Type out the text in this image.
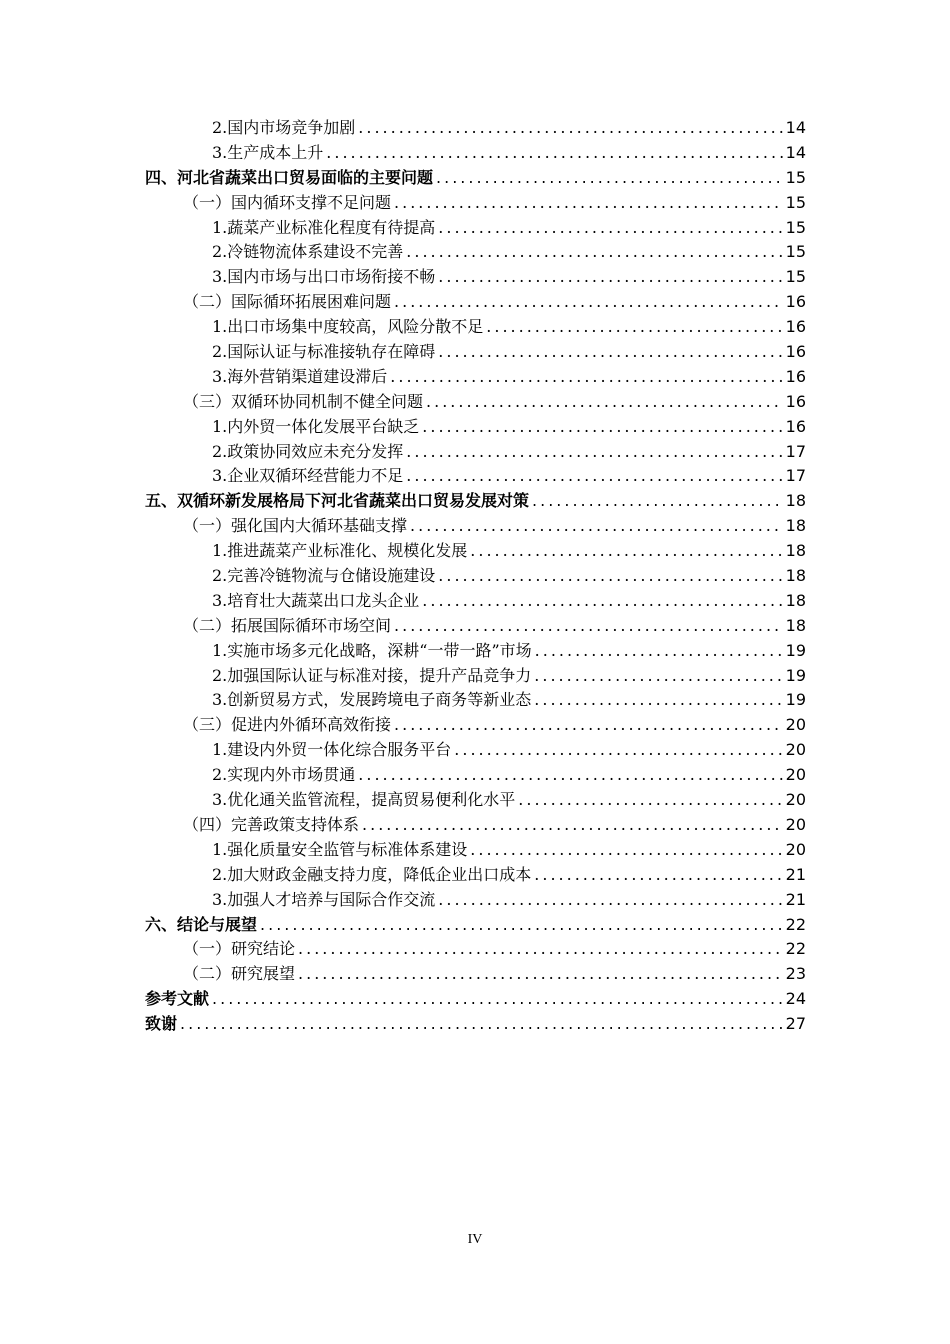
2.国内市场竞争加剧 .....	14
3.生产成本上升 .....	14
四、河北省蔬菜出口贸易面临的主要问题 .....	15
（一）国内循环支撑不足问题 .....	15
1.蔬菜产业标准化程度有待提高 .....	15
2.冷链物流体系建设不完善 .....	15
3.国内市场与出口市场衔接不畅 .....	15
（二）国际循环拓展困难问题 .....	16
1.出口市场集中度较高，风险分散不足 .....	16
2.国际认证与标准接轨存在障碍 .....	16
3.海外营销渠道建设滞后 .....	16
（三）双循环协同机制不健全问题 .....	16
1.内外贸一体化发展平台缺乏 .....	16
2.政策协同效应未充分发挥 .....	17
3.企业双循环经营能力不足 .....	17
五、双循环新发展格局下河北省蔬菜出口贸易发展对策 .....	18
（一）强化国内大循环基础支撑 .....	18
1.推进蔬菜产业标准化、规模化发展 .....	18
2.完善冷链物流与仓储设施建设 .....	18
3.培育壮大蔬菜出口龙头企业 .....	18
（二）拓展国际循环市场空间 .....	18
1.实施市场多元化战略，深耕“一带一路”市场 .....	19
2.加强国际认证与标准对接，提升产品竞争力 .....	19
3.创新贸易方式，发展跨境电子商务等新业态 .....	19
（三）促进内外循环高效衔接 .....	20
1.建设内外贸一体化综合服务平台 .....	20
2.实现内外市场贯通 .....	20
3.优化通关监管流程，提高贸易便利化水平 .....	20
（四）完善政策支持体系 .....	20
1.强化质量安全监管与标准体系建设 .....	20
2.加大财政金融支持力度，降低企业出口成本 .....	21
3.加强人才培养与国际合作交流 .....	21
六、结论与展望 .....	22
（一）研究结论 .....	22
（二）研究展望 .....	23
参考文献 .....	24
致谢 .....	27
IV
